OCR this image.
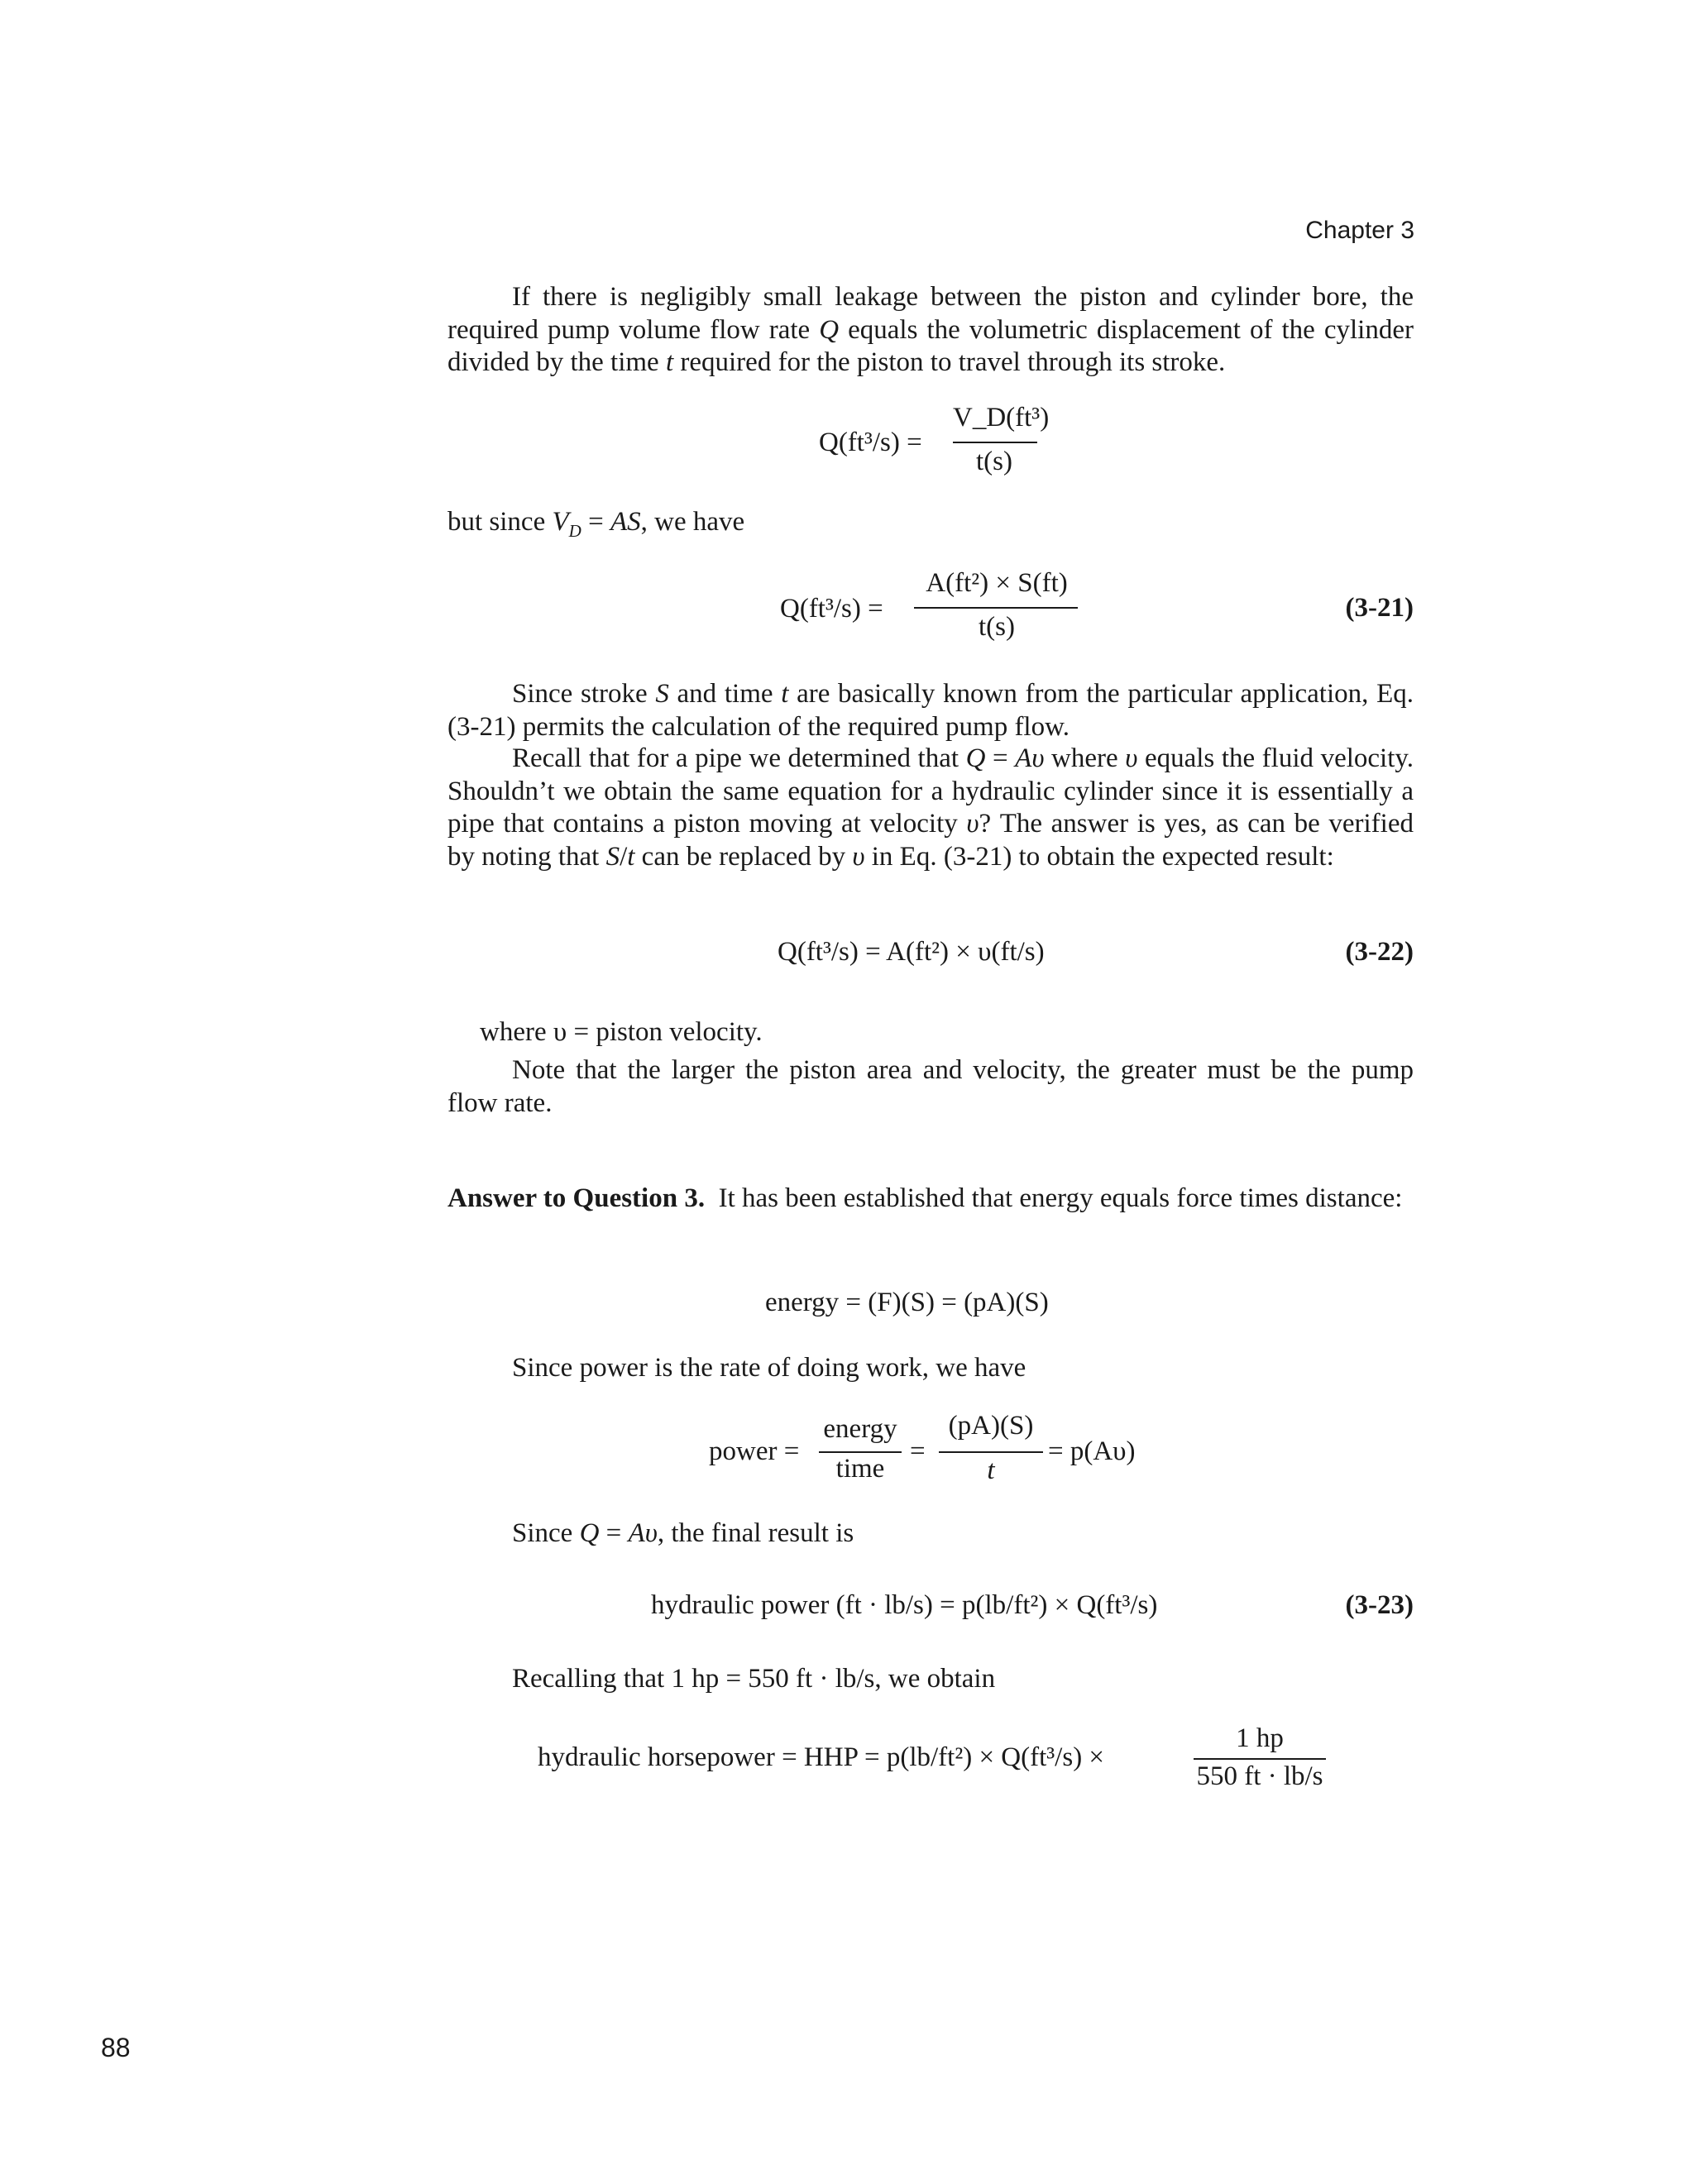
Chapter 3
If there is negligibly small leakage between the piston and cylinder bore, the required pump volume flow rate Q equals the volumetric displacement of the cylinder divided by the time t required for the piston to travel through its stroke.
Q(ft³/s) =
V_D(ft³)
t(s)
but since $V_D$ = AS, we have
Q(ft³/s) =
A(ft²) × S(ft)
t(s)
(3-21)
Since stroke S and time t are basically known from the particular application, Eq. (3-21) permits the calculation of the required pump flow.
Recall that for a pipe we determined that Q = Aυ where υ equals the fluid velocity. Shouldn’t we obtain the same equation for a hydraulic cylinder since it is essentially a pipe that contains a piston moving at velocity υ? The answer is yes, as can be verified by noting that S/t can be replaced by υ in Eq. (3-21) to obtain the expected result:
Q(ft³/s) = A(ft²) × υ(ft/s)	(3-22)
where υ = piston velocity.
Note that the larger the piston area and velocity, the greater must be the pump flow rate.
Answer to Question 3. It has been established that energy equals force times distance:
energy = (F)(S) = (pA)(S)
Since power is the rate of doing work, we have
power =
energy
time
=
(pA)(S)
t
= p(Aυ)
Since Q = Aυ, the final result is
hydraulic power (ft · lb/s) = p(lb/ft²) × Q(ft³/s)	(3-23)
Recalling that 1 hp = 550 ft · lb/s, we obtain
hydraulic horsepower = HHP = p(lb/ft²) × Q(ft³/s) ×
1 hp
550 ft · lb/s
88
